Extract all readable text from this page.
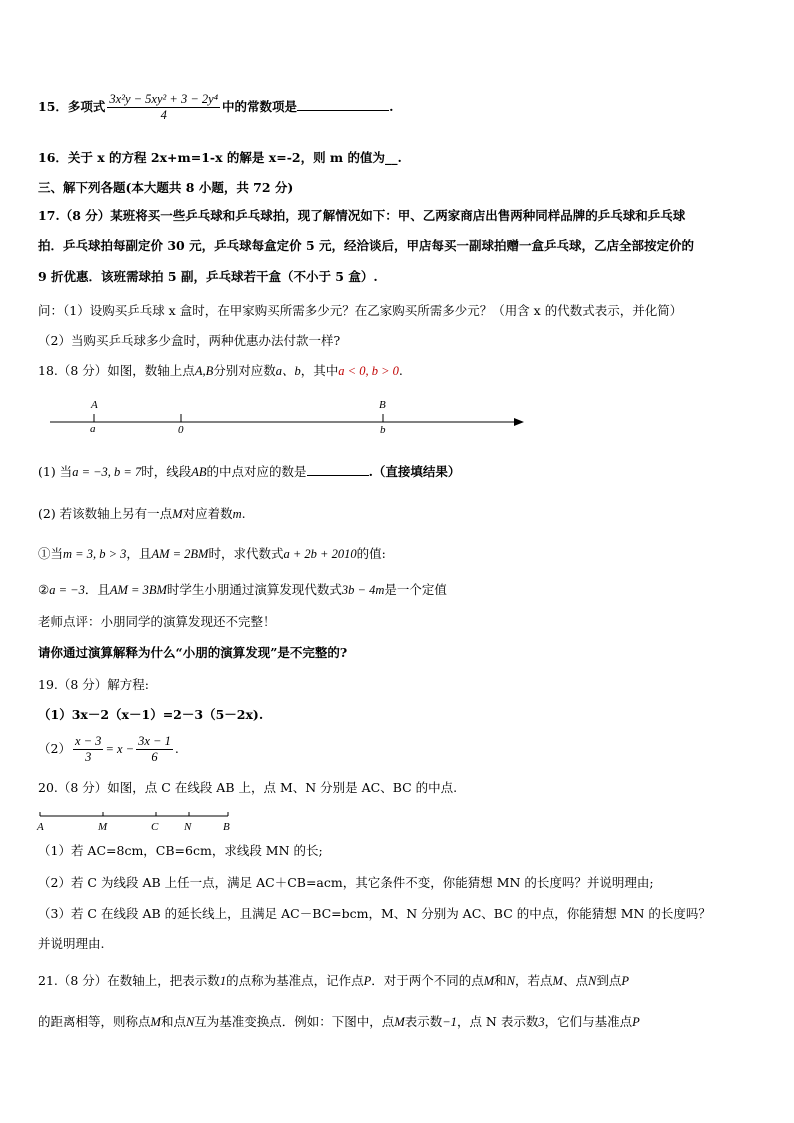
15．多项式 $\frac{\text{3x²y − 5xy² + 3 − 2y⁴}}{4}$ 中的常数项是	.
16．关于 x 的方程 2x+m=1-x 的解是 x=-2，则 m 的值为__.
三、解下列各题(本大题共 8 小题，共 72 分)
17.（8 分）某班将买一些乒乓球和乒乓球拍，现了解情况如下：甲、乙两家商店出售两种同样品牌的乒乓球和乒乓球
拍．乒乓球拍每副定价 30 元，乒乓球每盒定价 5 元，经洽谈后，甲店每买一副球拍赠一盒乒乓球，乙店全部按定价的
9 折优惠．该班需球拍 5 副，乒乓球若干盒（不小于 5 盒）.
问：（1）设购买乒乓球 x 盒时，在甲家购买所需多少元？在乙家购买所需多少元？（用含 x 的代数式表示，并化简）
（2）当购买乒乓球多少盒时，两种优惠办法付款一样?
18.（8 分）如图，数轴上点A,B分别对应数a、b，其中a < 0, b > 0.
A
a	0
B
b
(1) 当a = −3, b = 7时，线段AB的中点对应的数是	.（直接填结果）
(2) 若该数轴上另有一点M对应着数m.
①当m = 3, b > 3，且AM = 2BM时，求代数式a + 2b + 2010的值:
②a = −3．且AM = 3BM时学生小朋通过演算发现代数式3b − 4m是一个定值
老师点评：小朋同学的演算发现还不完整！
请你通过演算解释为什么“小朋的演算发现”是不完整的?
19.（8 分）解方程:
（1）3x－2（x－1）=2－3（5－2x).
$(2) \frac{x - 3}{3} = x - \frac{3x - 1}{6}$ .
20.（8 分）如图，点 C 在线段 AB 上，点 M、N 分别是 AC、BC 的中点.
A	M	C N	B
（1）若 AC=8cm，CB=6cm，求线段 MN 的长;
（2）若 C 为线段 AB 上任一点，满足 AC＋CB=acm，其它条件不变，你能猜想 MN 的长度吗？并说明理由;
（3）若 C 在线段 AB 的延长线上，且满足 AC－BC=bcm，M、N 分别为 AC、BC 的中点，你能猜想 MN 的长度吗？
并说明理由.
21.（8 分）在数轴上，把表示数1的点称为基准点，记作点P．对于两个不同的点M和N，若点M、点N到点P
的距离相等，则称点M和点N互为基准变换点．例如：下图中，点M表示数−1，点 N 表示数3，它们与基准点P
